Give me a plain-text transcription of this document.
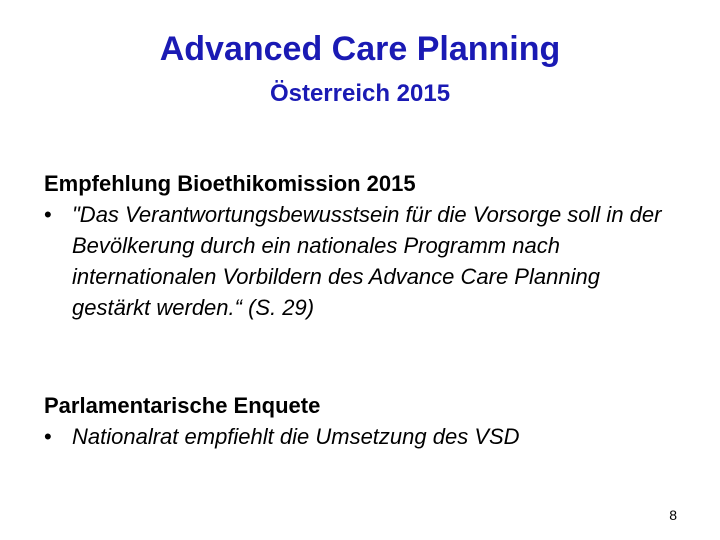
Advanced Care Planning
Österreich 2015

Empfehlung Bioethikomission 2015

• "Das Verantwortungsbewusstsein für die Vorsorge soll in der Bevölkerung durch ein nationales Programm nach internationalen Vorbildern des Advance Care Planning gestärkt werden.“ (S. 29)

Parlamentarische Enquete

• Nationalrat empfiehlt die Umsetzung des VSD
8
